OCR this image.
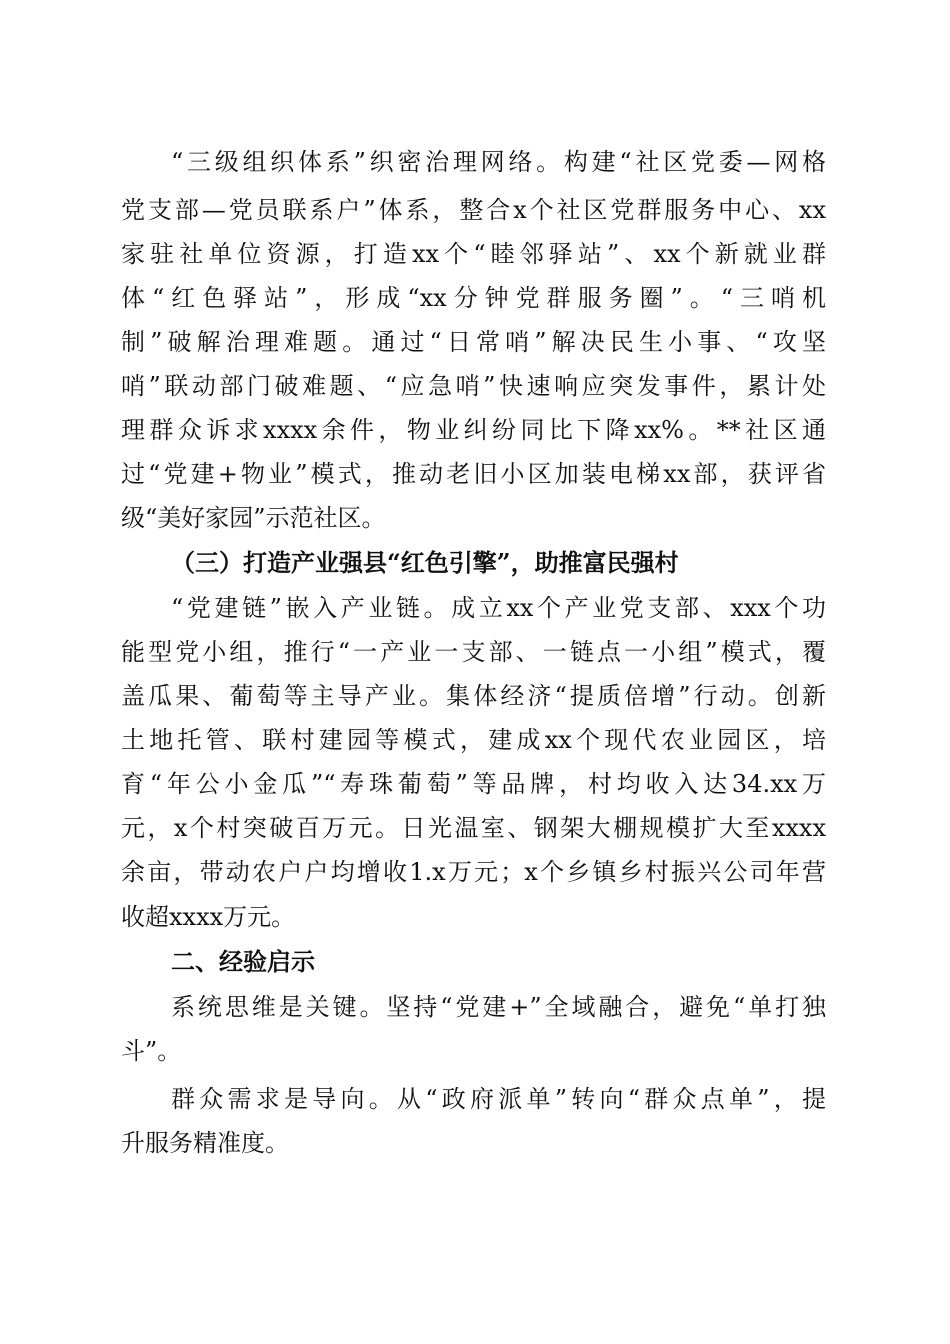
“三级组织体系”织密治理网络。构建“社区党委—网格
党支部—党员联系户”体系，整合x个社区党群服务中心、xx
家驻社单位资源，打造xx个“睦邻驿站”、xx个新就业群
体“红色驿站”，形成“xx分钟党群服务圈”。“三哨机
制”破解治理难题。通过“日常哨”解决民生小事、“攻坚
哨”联动部门破难题、“应急哨”快速响应突发事件，累计处
理群众诉求xxxx余件，物业纠纷同比下降xx%。**社区通
过“党建+物业”模式，推动老旧小区加装电梯xx部，获评省
级“美好家园”示范社区。
（三）打造产业强县“红色引擎”，助推富民强村
“党建链”嵌入产业链。成立xx个产业党支部、xxx个功
能型党小组，推行“一产业一支部、一链点一小组”模式，覆
盖瓜果、葡萄等主导产业。集体经济“提质倍增”行动。创新
土地托管、联村建园等模式，建成xx个现代农业园区，培
育“年公小金瓜”“寿珠葡萄”等品牌，村均收入达34.xx万
元，x个村突破百万元。日光温室、钢架大棚规模扩大至xxxx
余亩，带动农户户均增收1.x万元；x个乡镇乡村振兴公司年营
收超xxxx万元。
二、经验启示
系统思维是关键。坚持“党建+”全域融合，避免“单打独
斗”。
群众需求是导向。从“政府派单”转向“群众点单”，提
升服务精准度。
